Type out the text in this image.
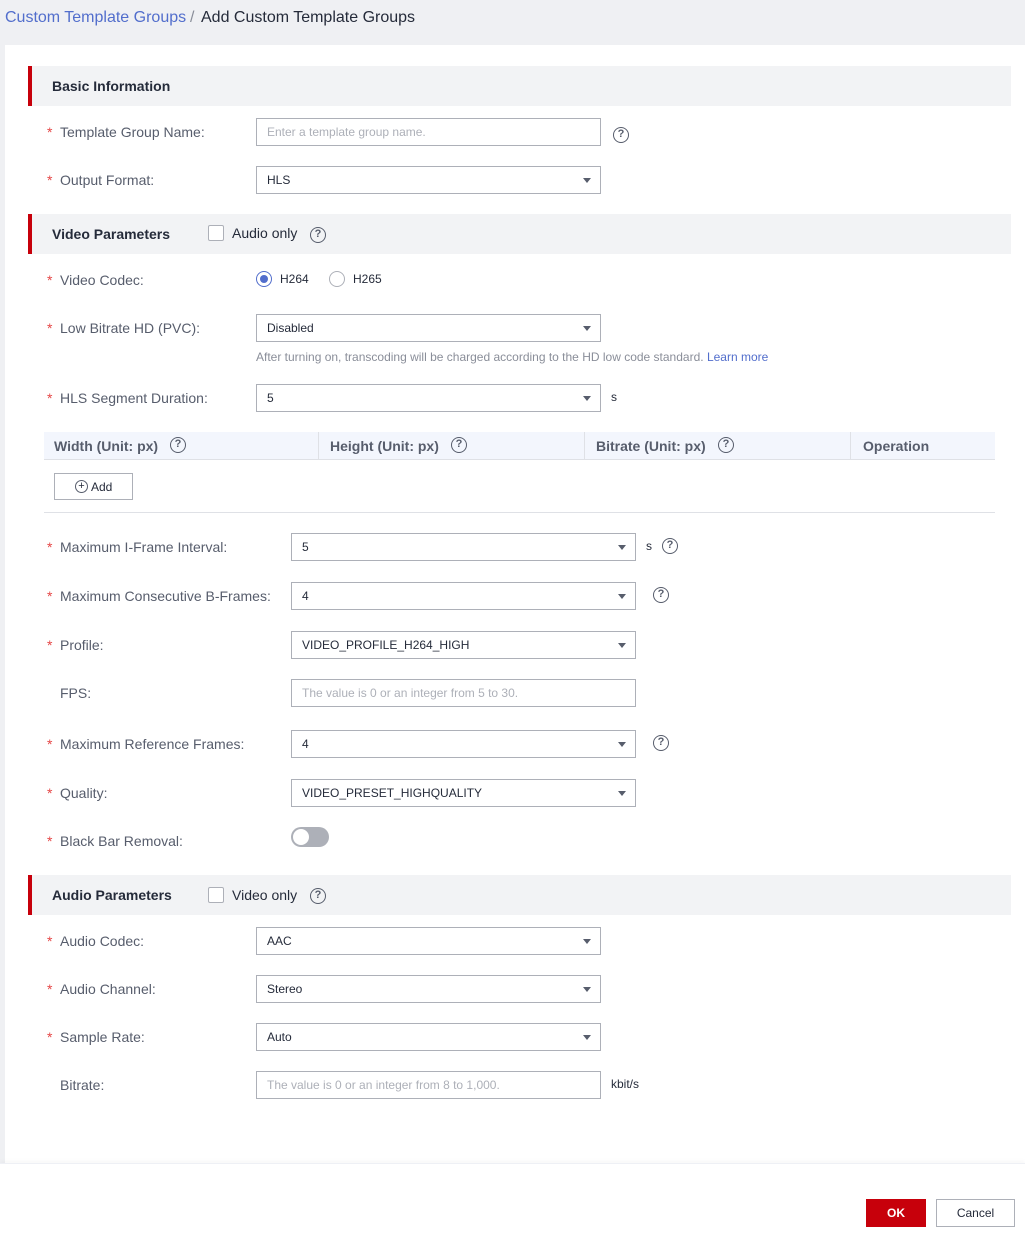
Custom Template Groups / Add Custom Template Groups
Basic Information
* Template Group Name:	Enter a template group name.	?
* Output Format:	HLS
Video Parameters	Audio only	?
* Video Codec:	H264	H265
* Low Bitrate HD (PVC):	Disabled
After turning on, transcoding will be charged according to the HD low code standard. Learn more
* HLS Segment Duration:	5	s
Width (Unit: px)	?	Height (Unit: px)	?	Bitrate (Unit: px)	?	Operation
+ Add
* Maximum I-Frame Interval:	5	s	?
* Maximum Consecutive B-Frames:	4	?
* Profile:	VIDEO_PROFILE_H264_HIGH
FPS:	The value is 0 or an integer from 5 to 30.
* Maximum Reference Frames:	4	?
* Quality:	VIDEO_PRESET_HIGHQUALITY
* Black Bar Removal:
Audio Parameters	Video only	?
* Audio Codec:	AAC
* Audio Channel:	Stereo
* Sample Rate:	Auto
Bitrate:	The value is 0 or an integer from 8 to 1,000.	kbit/s
OK	Cancel
